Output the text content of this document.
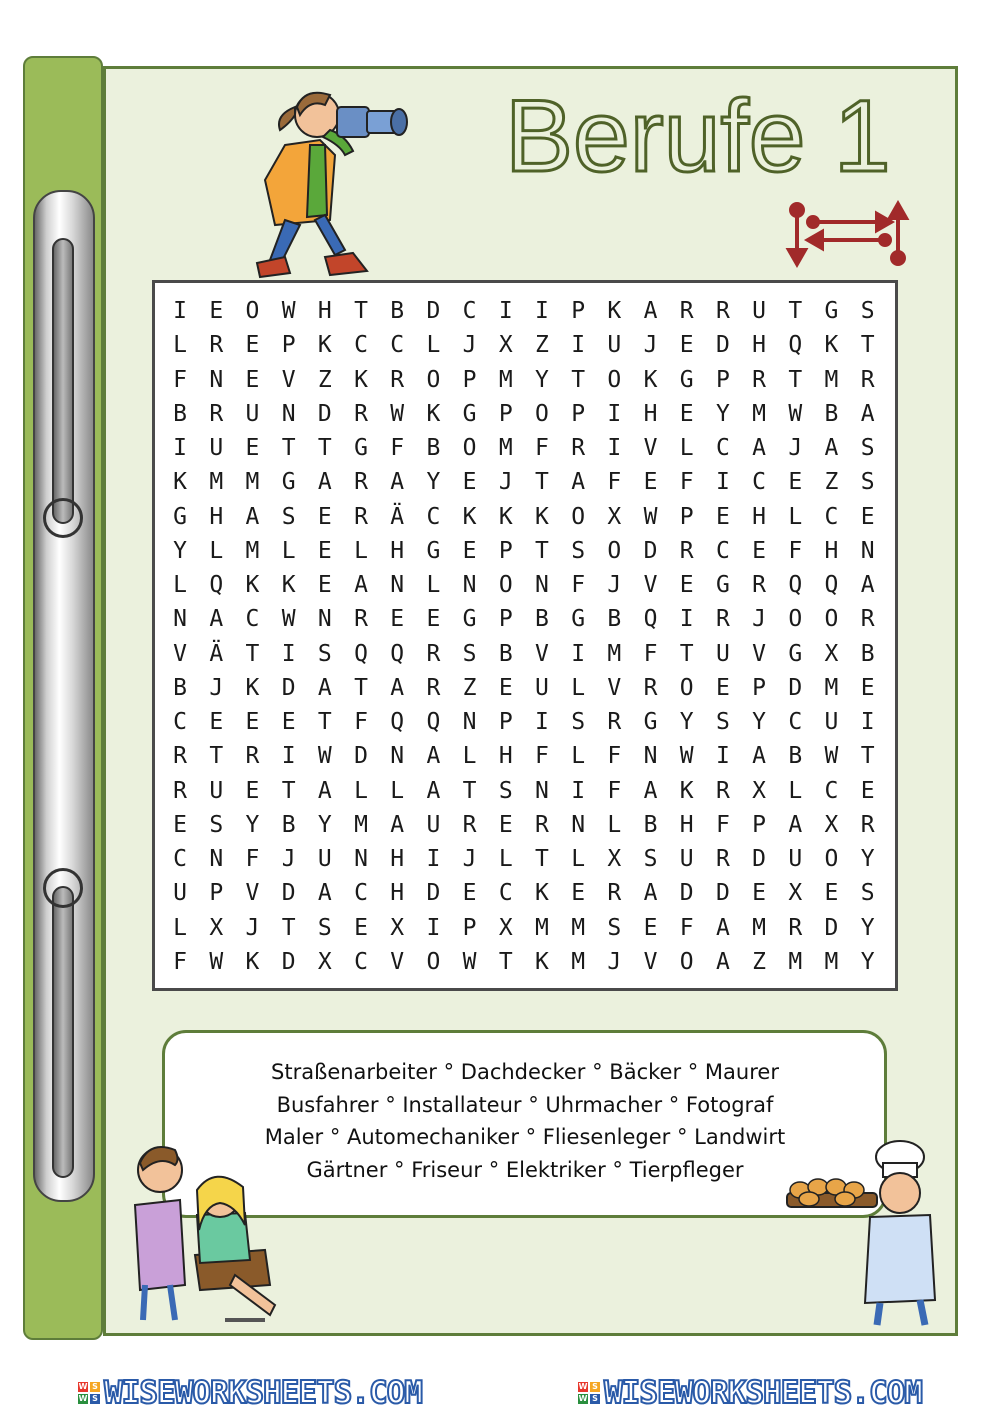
Berufe 1
I E O W H T B D C I I P K A R R U T G S
L R E P K C C L J X Z I U J E D H Q K T
F N E V Z K R O P M Y T O K G P R T M R
B R U N D R W K G P O P I H E Y M W B A
I U E T T G F B O M F R I V L C A J A S
K M M G A R A Y E J T A F E F I C E Z S
G H A S E R Ä C K K K O X W P E H L C E
Y L M L E L H G E P T S O D R C E F H N
L Q K K E A N L N O N F J V E G R Q Q A
N A C W N R E E G P B G B Q I R J O O R
V Ä T I S Q Q R S B V I M F T U V G X B
B J K D A T A R Z E U L V R O E P D M E
C E E E T F Q Q N P I S R G Y S Y C U I
R T R I W D N A L H F L F N W I A B W T
R U E T A L L A T S N I F A K R X L C E
E S Y B Y M A U R E R N L B H F P A X R
C N F J U N H I J L T L X S U R D U O Y
U P V D A C H D E C K E R A D D E X E S
L X J T S E X I P X M M S E F A M R D Y
F W K D X C V O W T K M J V O A Z M M Y
Straßenarbeiter ° Dachdecker ° Bäcker ° Maurer
Busfahrer ° Installateur ° Uhrmacher ° Fotograf
Maler ° Automechaniker ° Fliesenleger ° Landwirt
Gärtner ° Friseur ° Elektriker ° Tierpfleger
W S
W S WISEWORKSHEETS.COM	W S
W S WISEWORKSHEETS.COM
